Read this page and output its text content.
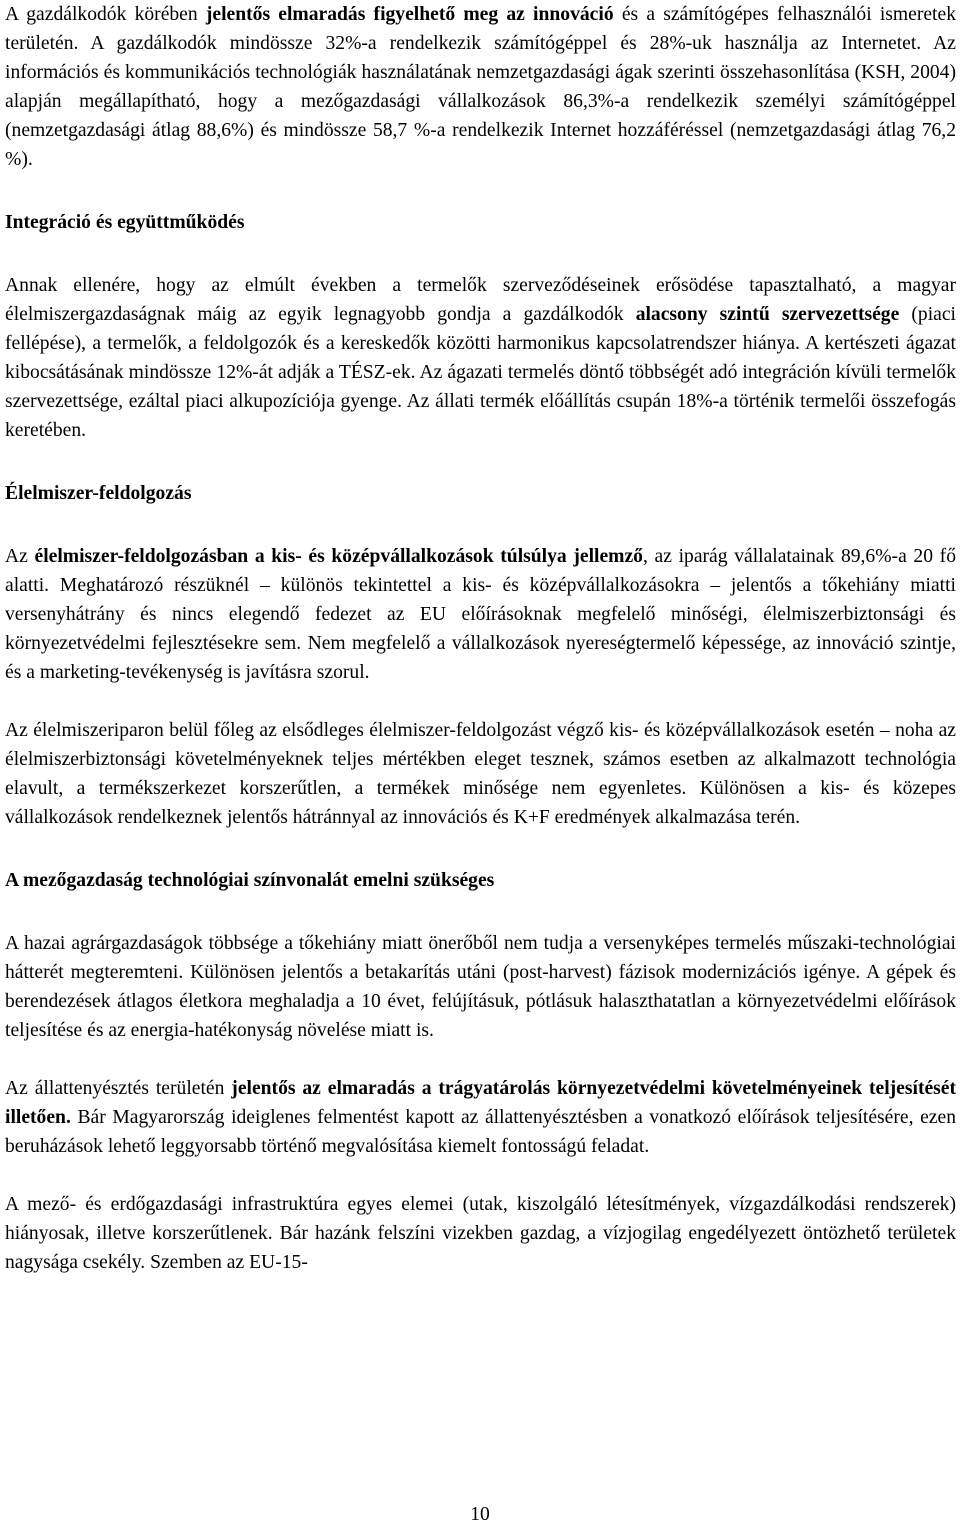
A gazdálkodók körében jelentős elmaradás figyelhető meg az innováció és a számítógépes felhasználói ismeretek területén. A gazdálkodók mindössze 32%-a rendelkezik számítógéppel és 28%-uk használja az Internetet. Az információs és kommunikációs technológiák használatának nemzetgazdasági ágak szerinti összehasonlítása (KSH, 2004) alapján megállapítható, hogy a mezőgazdasági vállalkozások 86,3%-a rendelkezik személyi számítógéppel (nemzetgazdasági átlag 88,6%) és mindössze 58,7 %-a rendelkezik Internet hozzáféréssel (nemzetgazdasági átlag 76,2 %).

Integráció és együttműködés

Annak ellenére, hogy az elmúlt években a termelők szerveződéseinek erősödése tapasztalható, a magyar élelmiszergazdaságnak máig az egyik legnagyobb gondja a gazdálkodók alacsony szintű szervezettsége (piaci fellépése), a termelők, a feldolgozók és a kereskedők közötti harmonikus kapcsolatrendszer hiánya. A kertészeti ágazat kibocsátásának mindössze 12%-át adják a TÉSZ-ek. Az ágazati termelés döntő többségét adó integráción kívüli termelők szervezettsége, ezáltal piaci alkupozíciója gyenge. Az állati termék előállítás csupán 18%-a történik termelői összefogás keretében.

Élelmiszer-feldolgozás

Az élelmiszer-feldolgozásban a kis- és középvállalkozások túlsúlya jellemző, az iparág vállalatainak 89,6%-a 20 fő alatti. Meghatározó részüknél – különös tekintettel a kis- és középvállalkozásokra – jelentős a tőkehiány miatti versenyhátrány és nincs elegendő fedezet az EU előírásoknak megfelelő minőségi, élelmiszerbiztonsági és környezetvédelmi fejlesztésekre sem. Nem megfelelő a vállalkozások nyereségtermelő képessége, az innováció szintje, és a marketing-tevékenység is javításra szorul.

Az élelmiszeriparon belül főleg az elsődleges élelmiszer-feldolgozást végző kis- és középvállalkozások esetén – noha az élelmiszerbiztonsági követelményeknek teljes mértékben eleget tesznek, számos esetben az alkalmazott technológia elavult, a termékszerkezet korszerűtlen, a termékek minősége nem egyenletes. Különösen a kis- és közepes vállalkozások rendelkeznek jelentős hátránnyal az innovációs és K+F eredmények alkalmazása terén.

A mezőgazdaság technológiai színvonalát emelni szükséges

A hazai agrárgazdaságok többsége a tőkehiány miatt önerőből nem tudja a versenyképes termelés műszaki-technológiai hátterét megteremteni. Különösen jelentős a betakarítás utáni (post-harvest) fázisok modernizációs igénye. A gépek és berendezések átlagos életkora meghaladja a 10 évet, felújításuk, pótlásuk halaszthatatlan a környezetvédelmi előírások teljesítése és az energia-hatékonyság növelése miatt is.

Az állattenyésztés területén jelentős az elmaradás a trágyatárolás környezetvédelmi követelményeinek teljesítését illetően. Bár Magyarország ideiglenes felmentést kapott az állattenyésztésben a vonatkozó előírások teljesítésére, ezen beruházások lehető leggyorsabb történő megvalósítása kiemelt fontosságú feladat.

A mező- és erdőgazdasági infrastruktúra egyes elemei (utak, kiszolgáló létesítmények, vízgazdálkodási rendszerek) hiányosak, illetve korszerűtlenek. Bár hazánk felszíni vizekben gazdag, a vízjogilag engedélyezett öntözhető területek nagysága csekély. Szemben az EU-15-

10
